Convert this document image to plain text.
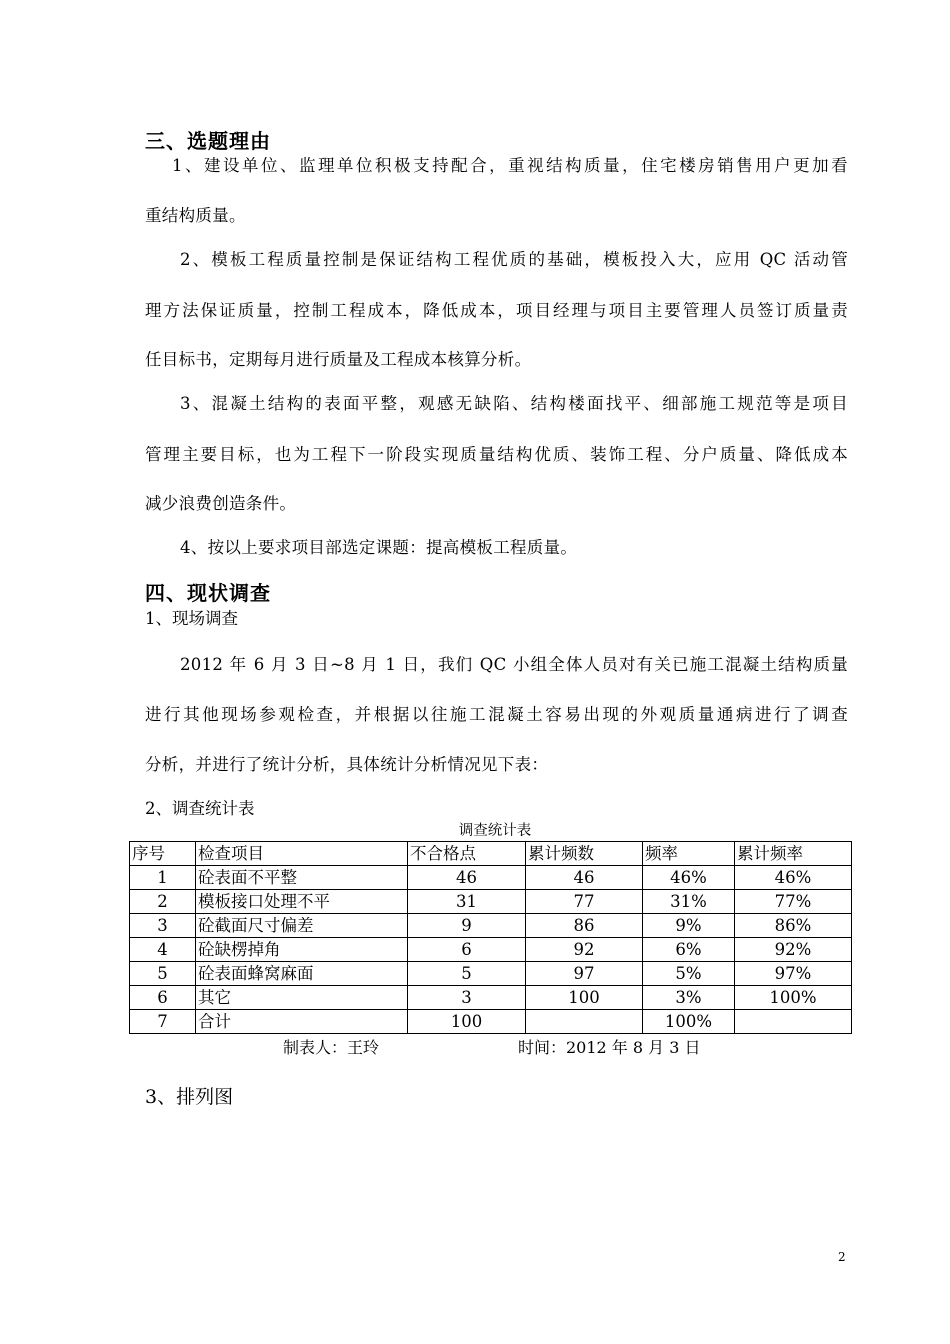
三、选题理由
1、建设单位、监理单位积极支持配合，重视结构质量，住宅楼房销售用户更加看
重结构质量。
2、模板工程质量控制是保证结构工程优质的基础，模板投入大，应用 QC 活动管
理方法保证质量，控制工程成本，降低成本，项目经理与项目主要管理人员签订质量责
任目标书，定期每月进行质量及工程成本核算分析。
3、混凝土结构的表面平整，观感无缺陷、结构楼面找平、细部施工规范等是项目
管理主要目标，也为工程下一阶段实现质量结构优质、装饰工程、分户质量、降低成本
减少浪费创造条件。
4、按以上要求项目部选定课题：提高模板工程质量。
四、现状调查
1、现场调查
2012 年 6 月 3 日~8 月 1 日，我们 QC 小组全体人员对有关已施工混凝土结构质量
进行其他现场参观检查，并根据以往施工混凝土容易出现的外观质量通病进行了调查
分析，并进行了统计分析，具体统计分析情况见下表：
2、调查统计表
调查统计表
序号	检查项目	不合格点	累计频数	频率	累计频率
1	砼表面不平整	46	46	46%	46%
2	模板接口处理不平	31	77	31%	77%
3	砼截面尺寸偏差	9	86	9%	86%
4	砼缺楞掉角	6	92	6%	92%
5	砼表面蜂窝麻面	5	97	5%	97%
6	其它	3	100	3%	100%
7	合计	100		100%	
制表人：王玲	时间：2012 年 8 月 3 日
3、排列图
2
